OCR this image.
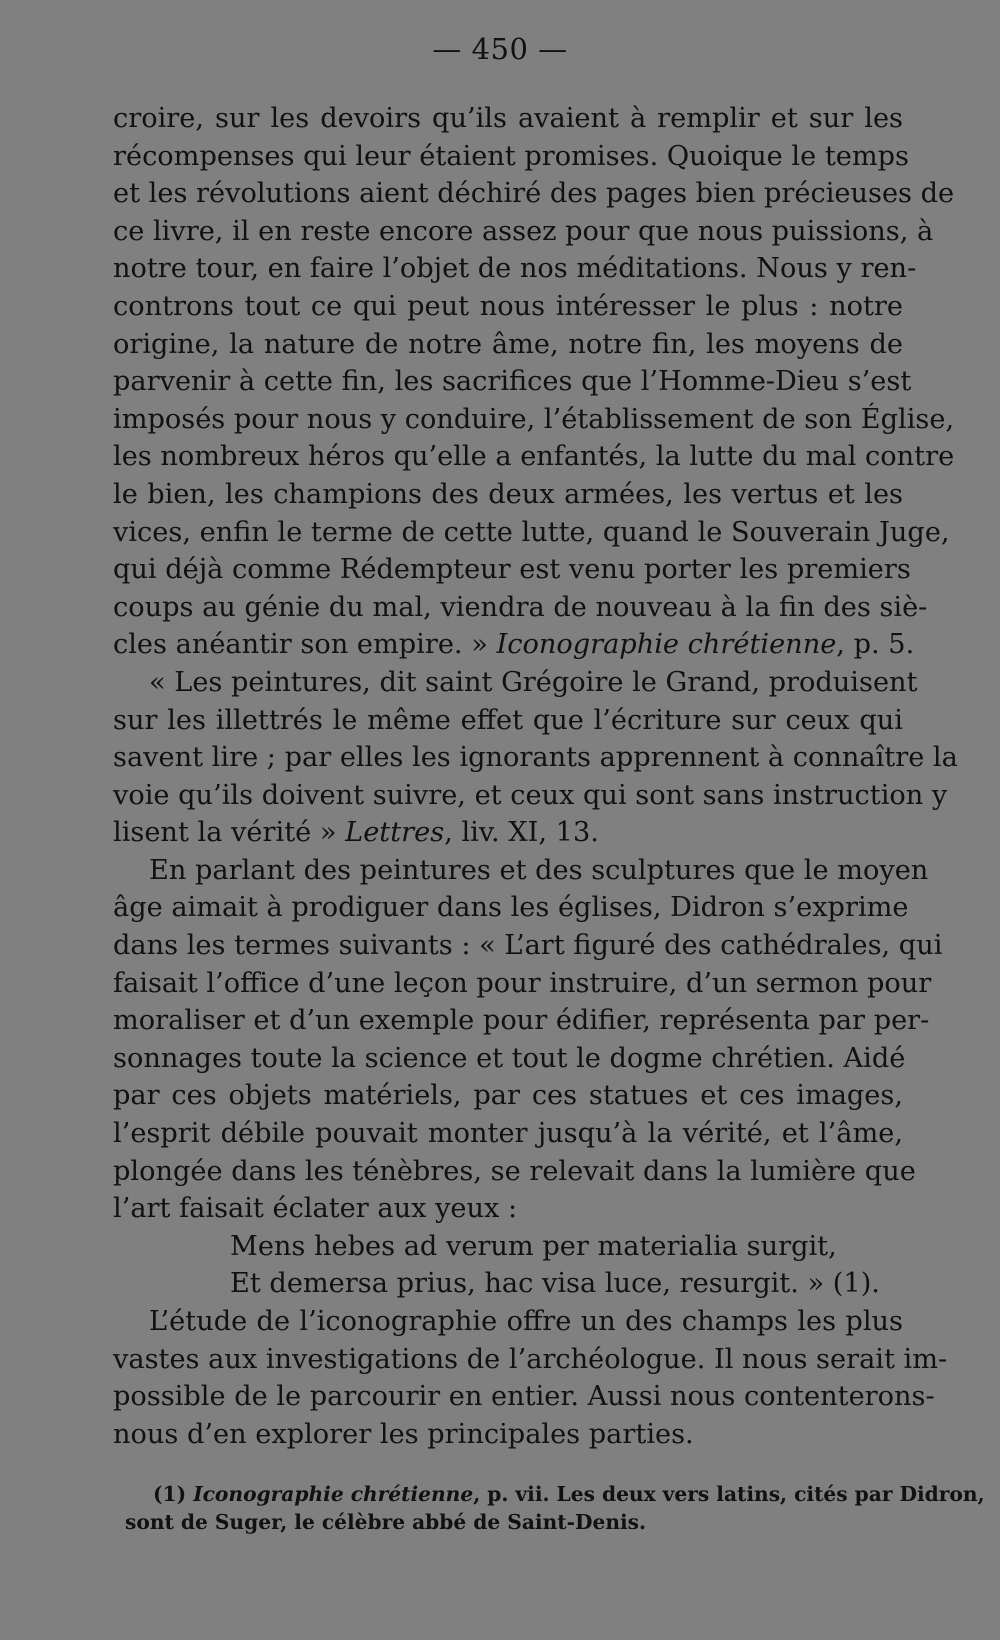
— 450 —
croire, sur les devoirs qu’ils avaient à remplir et sur les
récompenses qui leur étaient promises. Quoique le temps
et les révolutions aient déchiré des pages bien précieuses de
ce livre, il en reste encore assez pour que nous puissions, à
notre tour, en faire l’objet de nos méditations. Nous y ren-
controns tout ce qui peut nous intéresser le plus : notre
origine, la nature de notre âme, notre fin, les moyens de
parvenir à cette fin, les sacrifices que l’Homme-Dieu s’est
imposés pour nous y conduire, l’établissement de son Église,
les nombreux héros qu’elle a enfantés, la lutte du mal contre
le bien, les champions des deux armées, les vertus et les
vices, enfin le terme de cette lutte, quand le Souverain Juge,
qui déjà comme Rédempteur est venu porter les premiers
coups au génie du mal, viendra de nouveau à la fin des siè-
cles anéantir son empire. » Iconographie chrétienne, p. 5.
« Les peintures, dit saint Grégoire le Grand, produisent
sur les illettrés le même effet que l’écriture sur ceux qui
savent lire ; par elles les ignorants apprennent à connaître la
voie qu’ils doivent suivre, et ceux qui sont sans instruction y
lisent la vérité » Lettres, liv. XI, 13.
En parlant des peintures et des sculptures que le moyen
âge aimait à prodiguer dans les églises, Didron s’exprime
dans les termes suivants : « L’art figuré des cathédrales, qui
faisait l’office d’une leçon pour instruire, d’un sermon pour
moraliser et d’un exemple pour édifier, représenta par per-
sonnages toute la science et tout le dogme chrétien. Aidé
par ces objets matériels, par ces statues et ces images,
l’esprit débile pouvait monter jusqu’à la vérité, et l’âme,
plongée dans les ténèbres, se relevait dans la lumière que
l’art faisait éclater aux yeux :
Mens hebes ad verum per materialia surgit,
Et demersa prius, hac visa luce, resurgit. » (1).
L’étude de l’iconographie offre un des champs les plus
vastes aux investigations de l’archéologue. Il nous serait im-
possible de le parcourir en entier. Aussi nous contenterons-
nous d’en explorer les principales parties.
(1) Iconographie chrétienne, p. vii. Les deux vers latins, cités par Didron,
sont de Suger, le célèbre abbé de Saint-Denis.
